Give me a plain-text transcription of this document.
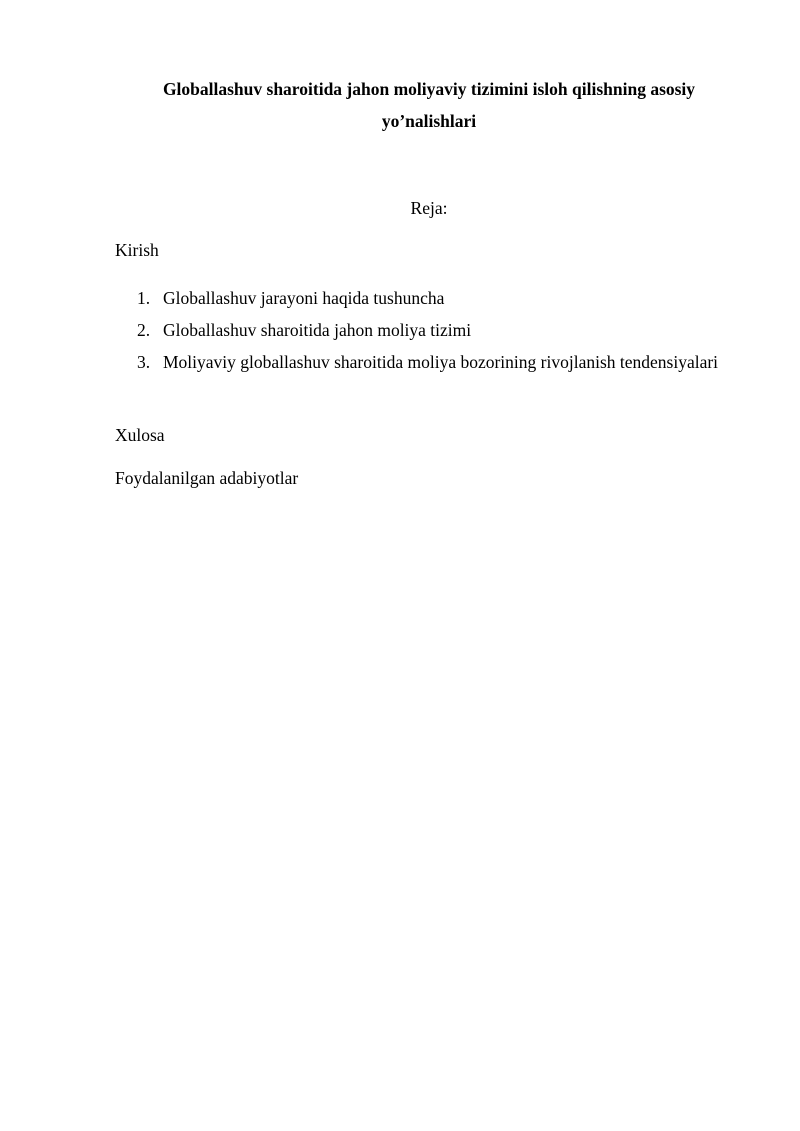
Globallashuv sharoitida jahon moliyaviy tizimini isloh qilishning asosiy
yo’nalishlari
Reja:
Kirish
1. Globallashuv jarayoni haqida tushuncha
2. Globallashuv sharoitida jahon moliya tizimi
3. Moliyaviy globallashuv sharoitida moliya bozorining rivojlanish tendensiyalari
Xulosa
Foydalanilgan adabiyotlar
